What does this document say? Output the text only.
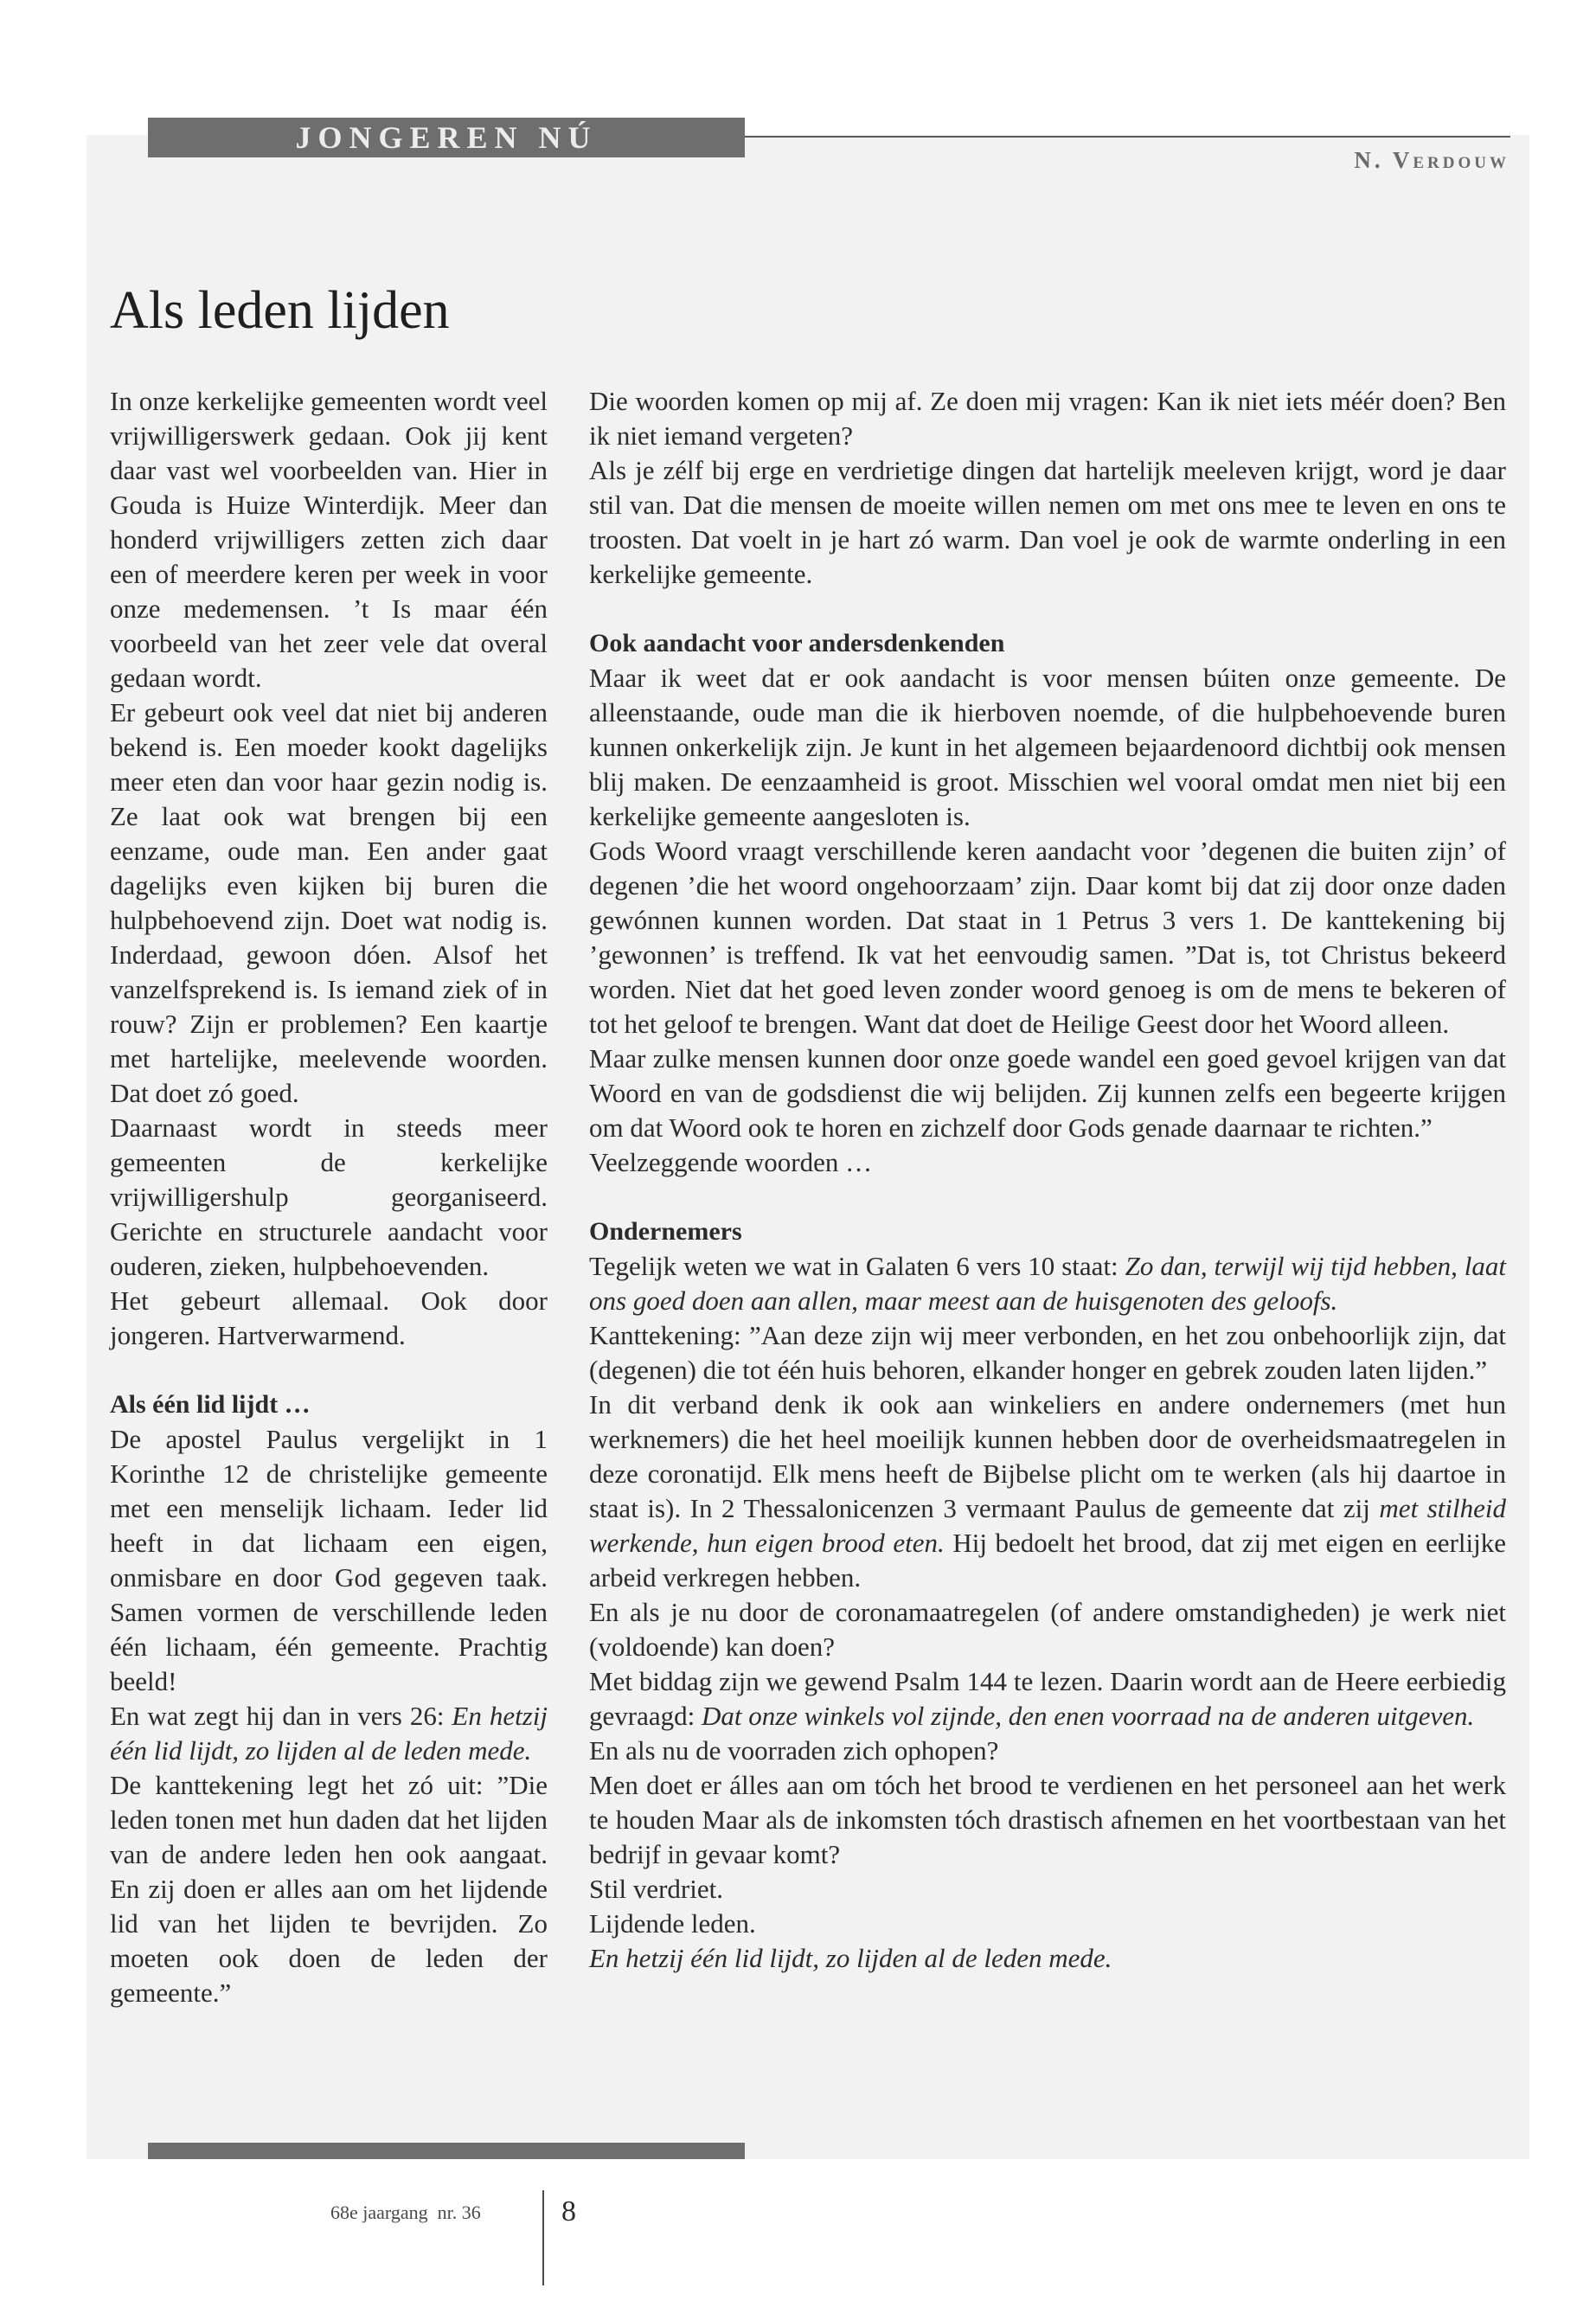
JONGEREN NÚ
N. Verdouw
Als leden lijden

In onze kerkelijke gemeenten wordt veel vrijwilligerswerk gedaan. Ook jij kent daar vast wel voorbeelden van. Hier in Gouda is Huize Winterdijk. Meer dan honderd vrijwilligers zetten zich daar een of meerdere keren per week in voor onze medemensen. ’t Is maar één voorbeeld van het zeer vele dat overal gedaan wordt.

Er gebeurt ook veel dat niet bij anderen bekend is. Een moeder kookt dagelijks meer eten dan voor haar gezin nodig is. Ze laat ook wat brengen bij een eenzame, oude man. Een ander gaat dagelijks even kijken bij buren die hulpbehoevend zijn. Doet wat nodig is. Inderdaad, gewoon dóen. Alsof het vanzelfsprekend is. Is iemand ziek of in rouw? Zijn er problemen? Een kaartje met hartelijke, meelevende woorden. Dat doet zó goed.

Daarnaast wordt in steeds meer gemeenten de kerkelijke vrijwilligershulp georganiseerd. Gerichte en structurele aandacht voor ouderen, zieken, hulpbehoevenden.

Het gebeurt allemaal. Ook door jongeren. Hartverwarmend.

Als één lid lijdt …

De apostel Paulus vergelijkt in 1 Korinthe 12 de christelijke gemeente met een menselijk lichaam. Ieder lid heeft in dat lichaam een eigen, onmisbare en door God gegeven taak. Samen vormen de verschillende leden één lichaam, één gemeente. Prachtig beeld!

En wat zegt hij dan in vers 26: En hetzij één lid lijdt, zo lijden al de leden mede.

De kanttekening legt het zó uit: ”Die leden tonen met hun daden dat het lijden van de andere leden hen ook aangaat. En zij doen er alles aan om het lijdende lid van het lijden te bevrijden. Zo moeten ook doen de leden der gemeente.”

Die woorden komen op mij af. Ze doen mij vragen: Kan ik niet iets méér doen? Ben ik niet iemand vergeten?

Als je zélf bij erge en verdrietige dingen dat hartelijk meeleven krijgt, word je daar stil van. Dat die mensen de moeite willen nemen om met ons mee te leven en ons te troosten. Dat voelt in je hart zó warm. Dan voel je ook de warmte onderling in een kerkelijke gemeente.

Ook aandacht voor andersdenkenden

Maar ik weet dat er ook aandacht is voor mensen búiten onze gemeente. De alleenstaande, oude man die ik hierboven noemde, of die hulpbehoevende buren kunnen onkerkelijk zijn. Je kunt in het algemeen bejaardenoord dichtbij ook mensen blij maken. De eenzaamheid is groot. Misschien wel vooral omdat men niet bij een kerkelijke gemeente aangesloten is.

Gods Woord vraagt verschillende keren aandacht voor ’degenen die buiten zijn’ of degenen ’die het woord ongehoorzaam’ zijn. Daar komt bij dat zij door onze daden gewónnen kunnen worden. Dat staat in 1 Petrus 3 vers 1. De kanttekening bij ’gewonnen’ is treffend. Ik vat het eenvoudig samen. ”Dat is, tot Christus bekeerd worden. Niet dat het goed leven zonder woord genoeg is om de mens te bekeren of tot het geloof te brengen. Want dat doet de Heilige Geest door het Woord alleen.

Maar zulke mensen kunnen door onze goede wandel een goed gevoel krijgen van dat Woord en van de godsdienst die wij belijden. Zij kunnen zelfs een begeerte krijgen om dat Woord ook te horen en zichzelf door Gods genade daarnaar te richten.”

Veelzeggende woorden …

Ondernemers

Tegelijk weten we wat in Galaten 6 vers 10 staat: Zo dan, terwijl wij tijd hebben, laat ons goed doen aan allen, maar meest aan de huisgenoten des geloofs.

Kanttekening: ”Aan deze zijn wij meer verbonden, en het zou onbehoorlijk zijn, dat (degenen) die tot één huis behoren, elkander honger en gebrek zouden laten lijden.”

In dit verband denk ik ook aan winkeliers en andere ondernemers (met hun werknemers) die het heel moeilijk kunnen hebben door de overheidsmaatregelen in deze coronatijd. Elk mens heeft de Bijbelse plicht om te werken (als hij daartoe in staat is). In 2 Thessalonicenzen 3 vermaant Paulus de gemeente dat zij met stilheid werkende, hun eigen brood eten. Hij bedoelt het brood, dat zij met eigen en eerlijke arbeid verkregen hebben.

En als je nu door de coronamaatregelen (of andere omstandigheden) je werk niet (voldoende) kan doen?

Met biddag zijn we gewend Psalm 144 te lezen. Daarin wordt aan de Heere eerbiedig gevraagd: Dat onze winkels vol zijnde, den enen voorraad na de anderen uitgeven.

En als nu de voorraden zich ophopen?

Men doet er álles aan om tóch het brood te verdienen en het personeel aan het werk te houden Maar als de inkomsten tóch drastisch afnemen en het voortbestaan van het bedrijf in gevaar komt?

Stil verdriet.

Lijdende leden.

En hetzij één lid lijdt, zo lijden al de leden mede.

68e jaargang  nr. 36	8
